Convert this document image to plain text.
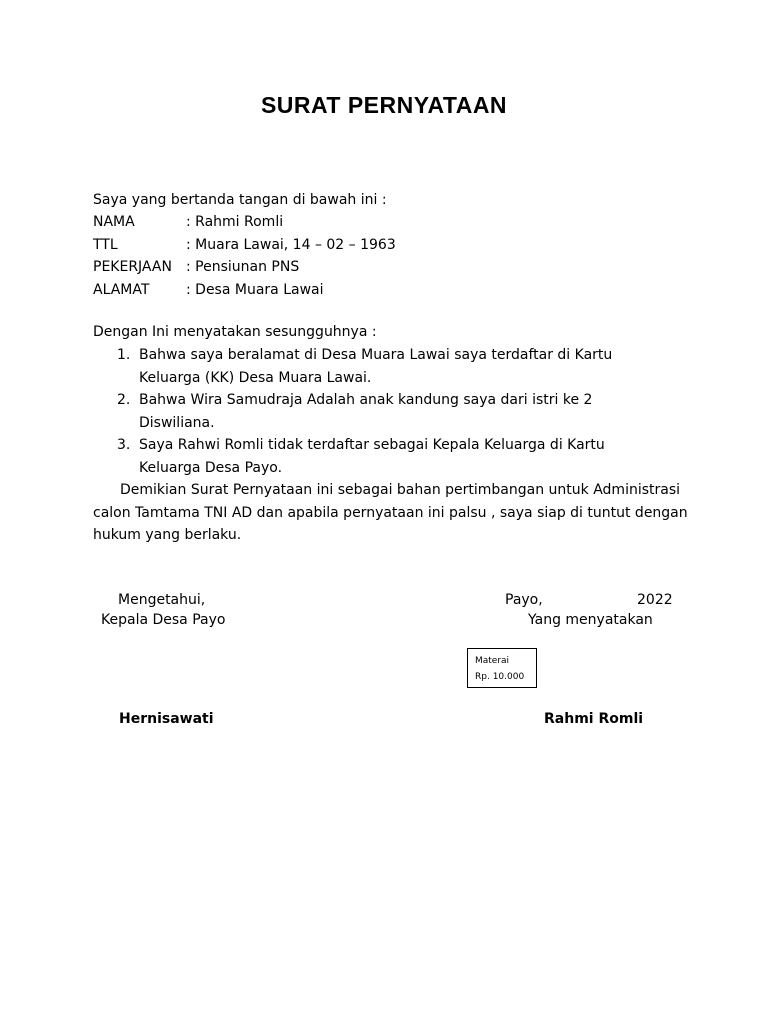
SURAT PERNYATAAN
Saya yang bertanda tangan di bawah ini :
NAMA	: Rahmi Romli
TTL	: Muara Lawai, 14 – 02 – 1963
PEKERJAAN	: Pensiunan PNS
ALAMAT	: Desa Muara Lawai
Dengan Ini menyatakan sesungguhnya :
1. Bahwa saya beralamat di Desa Muara Lawai saya terdaftar di Kartu Keluarga (KK) Desa Muara Lawai.
2. Bahwa Wira Samudraja Adalah anak kandung saya dari istri ke 2 Diswiliana.
3. Saya Rahwi Romli tidak terdaftar sebagai Kepala Keluarga di Kartu Keluarga Desa Payo.

Demikian Surat Pernyataan ini sebagai bahan pertimbangan untuk Administrasi

calon Tamtama TNI AD dan apabila pernyataan ini palsu , saya siap di tuntut dengan

hukum yang berlaku.

Mengetahui,
Kepala Desa Payo
Payo,	2022
Yang menyatakan
Materai
Rp. 10.000
Hernisawati	Rahmi Romli
